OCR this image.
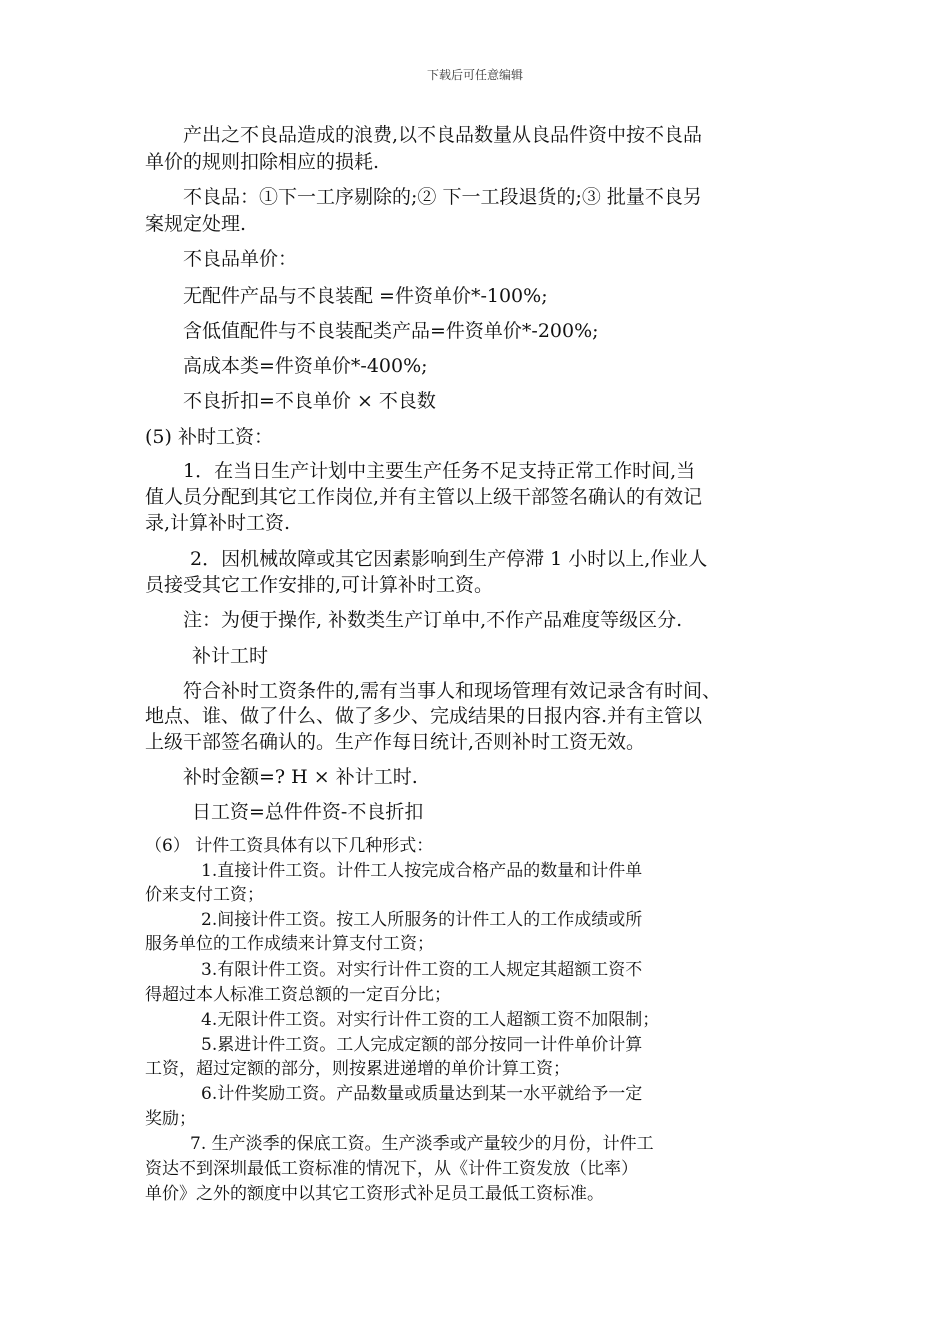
下载后可任意编辑

产出之不良品造成的浪费,以不良品数量从良品件资中按不良品

单价的规则扣除相应的损耗.

不良品：①下一工序剔除的;② 下一工段退货的;③ 批量不良另

案规定处理.

不良品单价：

无配件产品与不良装配 =件资单价*-100%;

含低值配件与不良装配类产品=件资单价*-200%;

高成本类=件资单价*-400%;

不良折扣=不良单价 × 不良数

(5) 补时工资：

1．在当日生产计划中主要生产任务不足支持正常工作时间,当

值人员分配到其它工作岗位,并有主管以上级干部签名确认的有效记

录,计算补时工资.

2．因机械故障或其它因素影响到生产停滞 1 小时以上,作业人

员接受其它工作安排的,可计算补时工资。

注：为便于操作, 补数类生产订单中,不作产品难度等级区分.

补计工时

符合补时工资条件的,需有当事人和现场管理有效记录含有时间、

地点、谁、做了什么、做了多少、完成结果的日报内容.并有主管以

上级干部签名确认的。生产作每日统计,否则补时工资无效。

补时金额=? H × 补计工时.

日工资=总件件资-不良折扣

（6） 计件工资具体有以下几种形式：

1.直接计件工资。计件工人按完成合格产品的数量和计件单

价来支付工资；

2.间接计件工资。按工人所服务的计件工人的工作成绩或所

服务单位的工作成绩来计算支付工资；

3.有限计件工资。对实行计件工资的工人规定其超额工资不

得超过本人标准工资总额的一定百分比；

4.无限计件工资。对实行计件工资的工人超额工资不加限制；

5.累进计件工资。工人完成定额的部分按同一计件单价计算

工资，超过定额的部分，则按累进递增的单价计算工资；

6.计件奖励工资。产品数量或质量达到某一水平就给予一定

奖励；

7. 生产淡季的保底工资。生产淡季或产量较少的月份，计件工

资达不到深圳最低工资标准的情况下，从《计件工资发放（比率）

单价》之外的额度中以其它工资形式补足员工最低工资标准。
